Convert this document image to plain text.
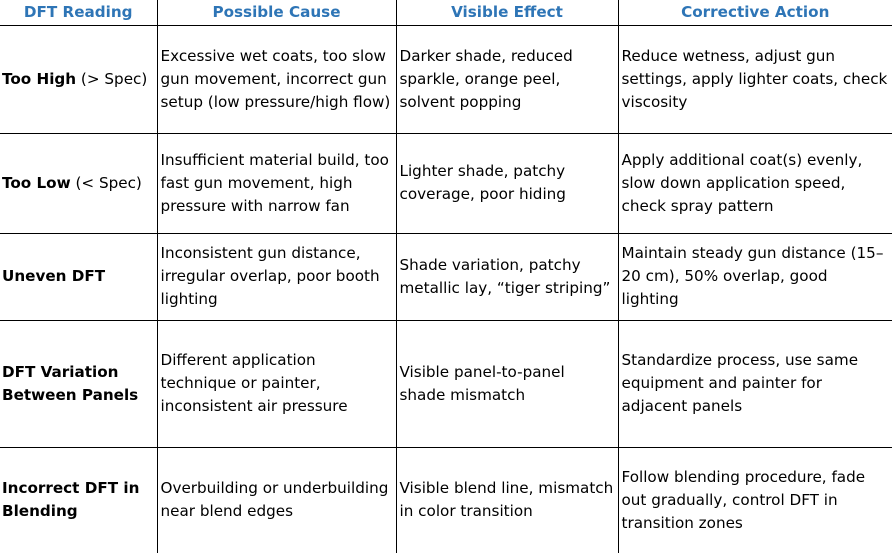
DFT Reading	Possible Cause	Visible Effect	Corrective Action
Too High (> Spec)	Excessive wet coats, too slow gun movement, incorrect gun setup (low pressure/high flow)	Darker shade, reduced sparkle, orange peel, solvent popping	Reduce wetness, adjust gun settings, apply lighter coats, check viscosity
Too Low (< Spec)	Insufficient material build, too fast gun movement, high pressure with narrow fan	Lighter shade, patchy coverage, poor hiding	Apply additional coat(s) evenly, slow down application speed, check spray pattern
Uneven DFT	Inconsistent gun distance, irregular overlap, poor booth lighting	Shade variation, patchy metallic lay, “tiger striping”	Maintain steady gun distance (15–20 cm), 50% overlap, good lighting
DFT Variation Between Panels	Different application technique or painter, inconsistent air pressure	Visible panel-to-panel shade mismatch	Standardize process, use same equipment and painter for adjacent panels
Incorrect DFT in Blending	Overbuilding or underbuilding near blend edges	Visible blend line, mismatch in color transition	Follow blending procedure, fade out gradually, control DFT in transition zones
